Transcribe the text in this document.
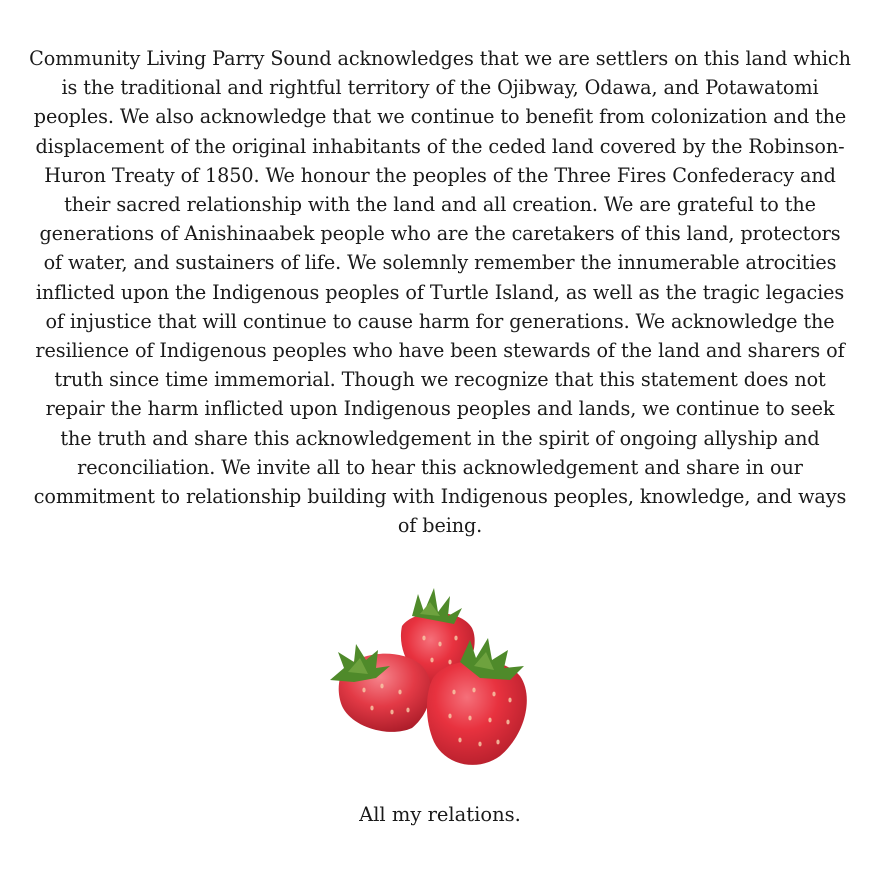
Community Living Parry Sound acknowledges that we are settlers on this land which is the traditional and rightful territory of the Ojibway, Odawa, and Potawatomi peoples. We also acknowledge that we continue to benefit from colonization and the displacement of the original inhabitants of the ceded land covered by the Robinson-Huron Treaty of 1850. We honour the peoples of the Three Fires Confederacy and their sacred relationship with the land and all creation. We are grateful to the generations of Anishinaabek people who are the caretakers of this land, protectors of water, and sustainers of life. We solemnly remember the innumerable atrocities inflicted upon the Indigenous peoples of Turtle Island, as well as the tragic legacies of injustice that will continue to cause harm for generations. We acknowledge the resilience of Indigenous peoples who have been stewards of the land and sharers of truth since time immemorial. Though we recognize that this statement does not repair the harm inflicted upon Indigenous peoples and lands, we continue to seek the truth and share this acknowledgement in the spirit of ongoing allyship and reconciliation. We invite all to hear this acknowledgement and share in our commitment to relationship building with Indigenous peoples, knowledge, and ways of being.

All my relations.
